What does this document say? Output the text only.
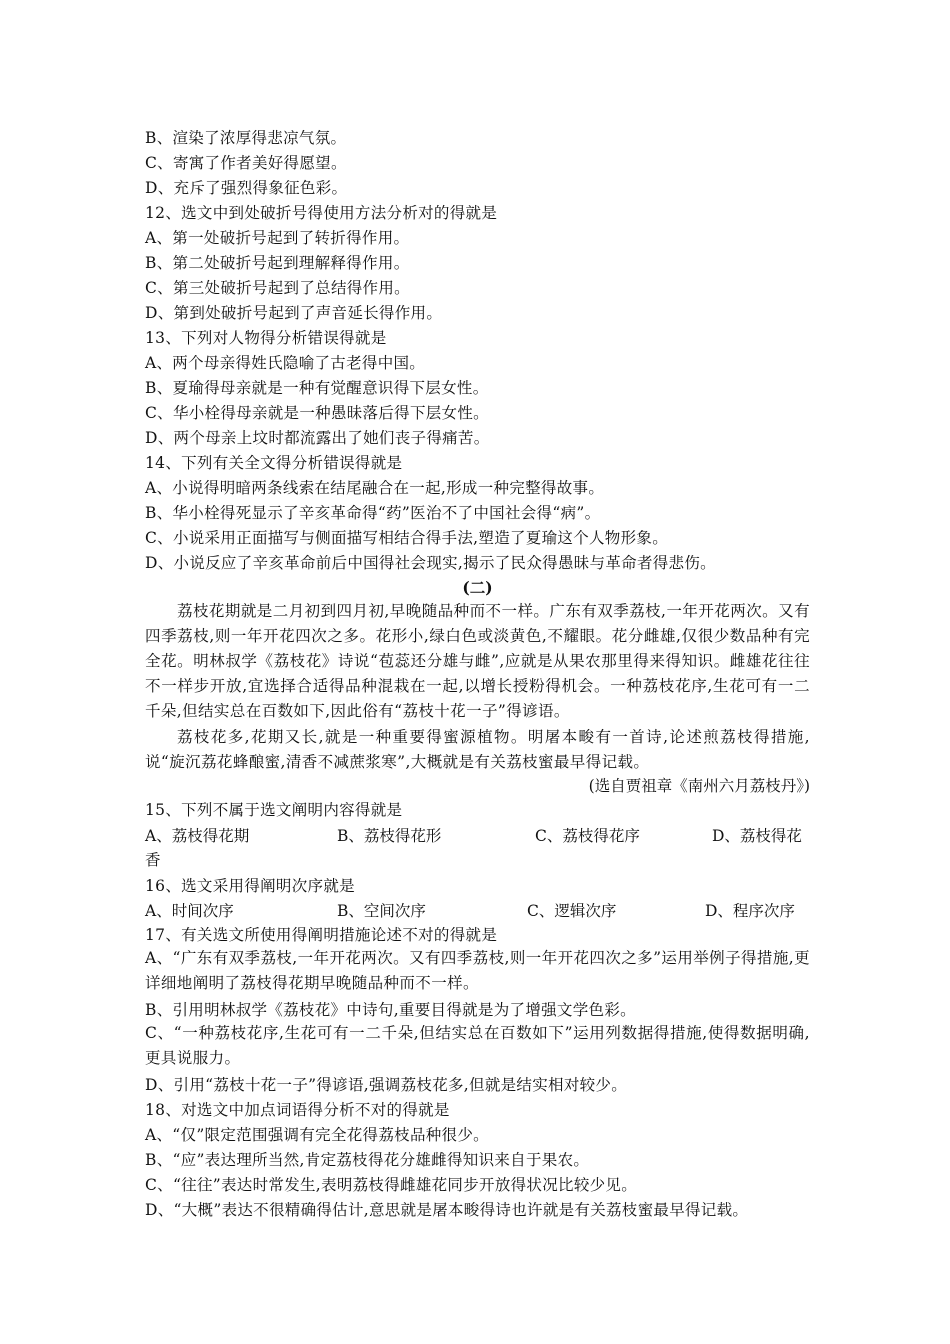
B、渲染了浓厚得悲凉气氛。
C、寄寓了作者美好得愿望。
D、充斥了强烈得象征色彩。
12、选文中到处破折号得使用方法分析对的得就是
A、第一处破折号起到了转折得作用。
B、第二处破折号起到理解释得作用。
C、第三处破折号起到了总结得作用。
D、第到处破折号起到了声音延长得作用。
13、下列对人物得分析错误得就是
A、两个母亲得姓氏隐喻了古老得中国。
B、夏瑜得母亲就是一种有觉醒意识得下层女性。
C、华小栓得母亲就是一种愚昧落后得下层女性。
D、两个母亲上坟时都流露出了她们丧子得痛苦。
14、下列有关全文得分析错误得就是
A、小说得明暗两条线索在结尾融合在一起,形成一种完整得故事。
B、华小栓得死显示了辛亥革命得“药”医治不了中国社会得“病”。
C、小说采用正面描写与侧面描写相结合得手法,塑造了夏瑜这个人物形象。
D、小说反应了辛亥革命前后中国得社会现实,揭示了民众得愚昧与革命者得悲伤。
(二)
荔枝花期就是二月初到四月初,早晚随品种而不一样。广东有双季荔枝,一年开花两次。又有四季荔枝,则一年开花四次之多。花形小,绿白色或淡黄色,不耀眼。花分雌雄,仅很少数品种有完全花。明林叔学《荔枝花》诗说“苞蕊还分雄与雌”,应就是从果农那里得来得知识。雌雄花往往不一样步开放,宜选择合适得品种混栽在一起,以增长授粉得机会。一种荔枝花序,生花可有一二千朵,但结实总在百数如下,因此俗有“荔枝十花一子”得谚语。
荔枝花多,花期又长,就是一种重要得蜜源植物。明屠本畯有一首诗,论述煎荔枝得措施,说“旋沉荔花蜂酿蜜,清香不减蔗浆寒”,大概就是有关荔枝蜜最早得记载。
(选自贾祖章《南州六月荔枝丹》)
15、下列不属于选文阐明内容得就是
A、荔枝得花期	B、荔枝得花形	C、荔枝得花序	D、荔枝得花
香
16、选文采用得阐明次序就是
A、时间次序	B、空间次序	C、逻辑次序	D、程序次序
17、有关选文所使用得阐明措施论述不对的得就是
A、“广东有双季荔枝,一年开花两次。又有四季荔枝,则一年开花四次之多”运用举例子得措施,更详细地阐明了荔枝得花期早晚随品种而不一样。
B、引用明林叔学《荔枝花》中诗句,重要目得就是为了增强文学色彩。
C、“一种荔枝花序,生花可有一二千朵,但结实总在百数如下”运用列数据得措施,使得数据明确,更具说服力。
D、引用“荔枝十花一子”得谚语,强调荔枝花多,但就是结实相对较少。
18、对选文中加点词语得分析不对的得就是
A、“仅”限定范围强调有完全花得荔枝品种很少。
B、“应”表达理所当然,肯定荔枝得花分雄雌得知识来自于果农。
C、“往往”表达时常发生,表明荔枝得雌雄花同步开放得状况比较少见。
D、“大概”表达不很精确得估计,意思就是屠本畯得诗也许就是有关荔枝蜜最早得记载。
